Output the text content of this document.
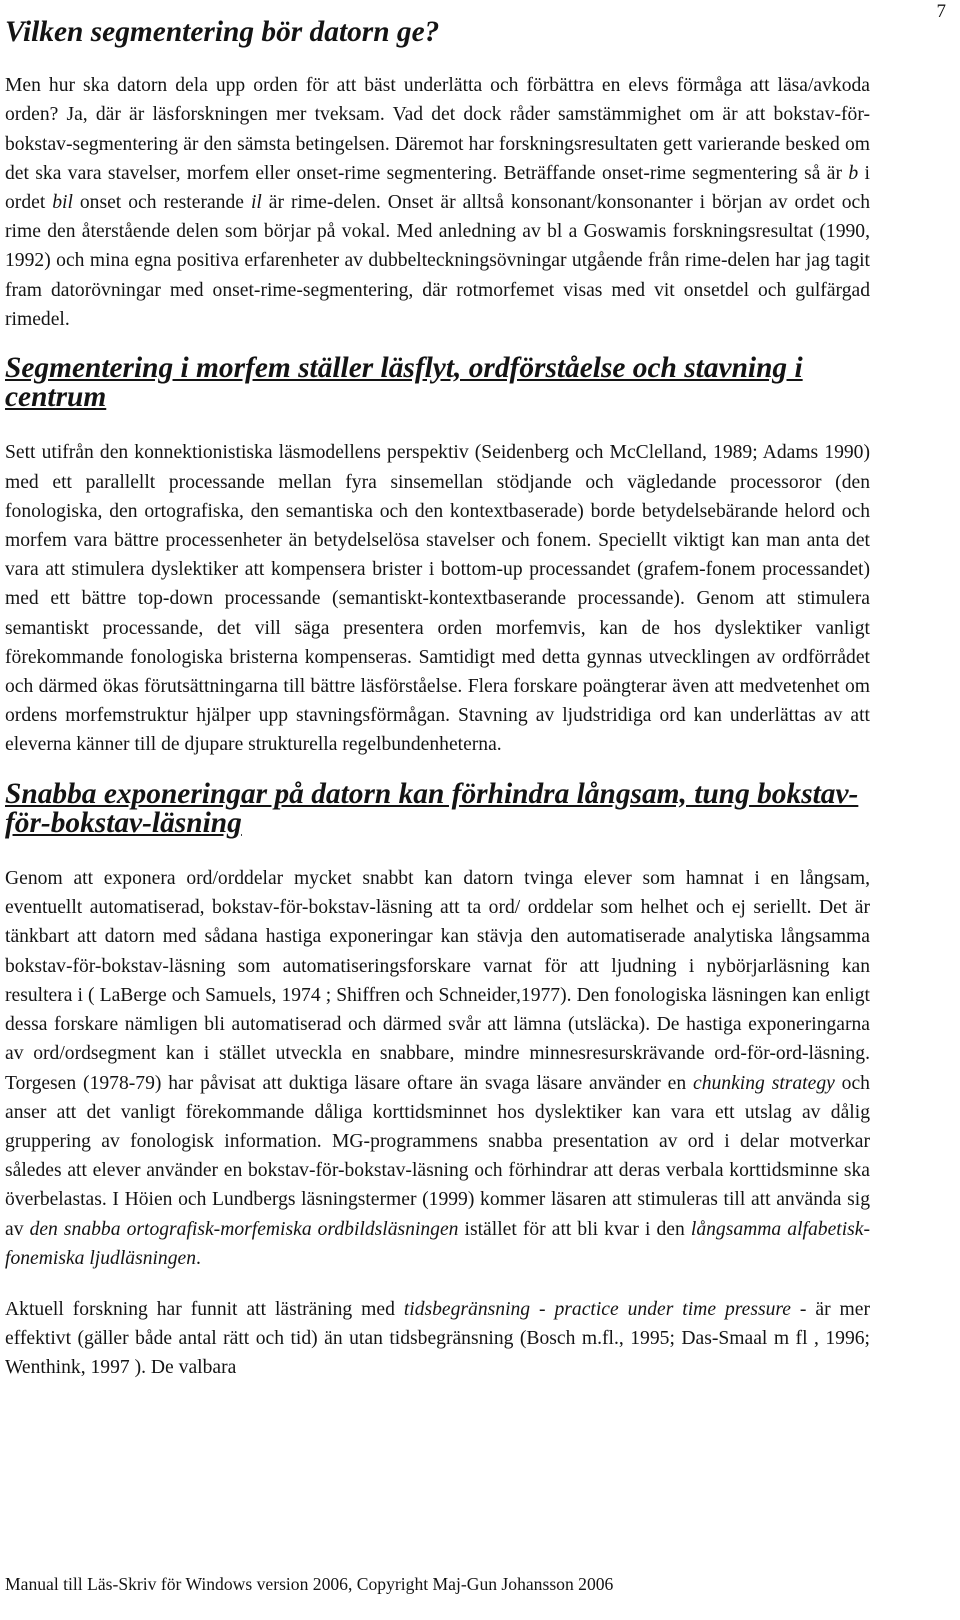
7
Vilken segmentering bör datorn ge?

Men hur ska datorn dela upp orden för att bäst underlätta och förbättra en elevs förmåga att läsa/avkoda orden? Ja, där är läsforskningen mer tveksam. Vad det dock råder samstämmighet om är att bokstav-för-bokstav-segmentering är den sämsta betingelsen. Däremot har forskningsresultaten gett varierande besked om det ska vara stavelser, morfem eller onset-rime segmentering. Beträffande onset-rime segmentering så är b i ordet bil onset och resterande il är rime-delen. Onset är alltså konsonant/konsonanter i början av ordet och rime den återstående delen som börjar på vokal. Med anledning av bl a Goswamis forskningsresultat (1990, 1992) och mina egna positiva erfarenheter av dubbelteckningsövningar utgående från rime-delen har jag tagit fram datorövningar med onset-rime-segmentering, där rotmorfemet visas med vit onsetdel och gulfärgad rimedel.

Segmentering i morfem ställer läsflyt, ordförståelse och stavning i centrum

Sett utifrån den konnektionistiska läsmodellens perspektiv (Seidenberg och McClelland, 1989; Adams 1990) med ett parallellt processande mellan fyra sinsemellan stödjande och vägledande processoror (den fonologiska, den ortografiska, den semantiska och den kontextbaserade) borde betydelsebärande helord och morfem vara bättre processenheter än betydelselösa stavelser och fonem. Speciellt viktigt kan man anta det vara att stimulera dyslektiker att kompensera brister i bottom-up processandet (grafem-fonem processandet) med ett bättre top-down processande (semantiskt-kontextbaserande processande). Genom att stimulera semantiskt processande, det vill säga presentera orden morfemvis, kan de hos dyslektiker vanligt förekommande fonologiska bristerna kompenseras. Samtidigt med detta gynnas utvecklingen av ordförrådet och därmed ökas förutsättningarna till bättre läsförståelse. Flera forskare poängterar även att medvetenhet om ordens morfemstruktur hjälper upp stavningsförmågan. Stavning av ljudstridiga ord kan underlättas av att eleverna känner till de djupare strukturella regelbundenheterna.

Snabba exponeringar på datorn kan förhindra långsam, tung bokstav-för-bokstav-läsning

Genom att exponera ord/orddelar mycket snabbt kan datorn tvinga elever som hamnat i en långsam, eventuellt automatiserad, bokstav-för-bokstav-läsning att ta ord/ orddelar som helhet och ej seriellt. Det är tänkbart att datorn med sådana hastiga exponeringar kan stävja den automatiserade analytiska långsamma bokstav-för-bokstav-läsning som automatiseringsforskare varnat för att ljudning i nybörjarläsning kan resultera i ( LaBerge och Samuels, 1974 ; Shiffren och Schneider,1977). Den fonologiska läsningen kan enligt dessa forskare nämligen bli automatiserad och därmed svår att lämna (utsläcka). De hastiga exponeringarna av ord/ordsegment kan i stället utveckla en snabbare, mindre minnesresurskrävande ord-för-ord-läsning. Torgesen (1978-79) har påvisat att duktiga läsare oftare än svaga läsare använder en chunking strategy och anser att det vanligt förekommande dåliga korttidsminnet hos dyslektiker kan vara ett utslag av dålig gruppering av fonologisk information. MG-programmens snabba presentation av ord i delar motverkar således att elever använder en bokstav-för-bokstav-läsning och förhindrar att deras verbala korttidsminne ska överbelastas. I Höien och Lundbergs läsningstermer (1999) kommer läsaren att stimuleras till att använda sig av den snabba ortografisk-morfemiska ordbildsläsningen istället för att bli kvar i den långsamma alfabetisk-fonemiska ljudläsningen.

Aktuell forskning har funnit att lästräning med tidsbegränsning - practice under time pressure - är mer effektivt (gäller både antal rätt och tid) än utan tidsbegränsning (Bosch m.fl., 1995; Das-Smaal m fl , 1996; Wenthink, 1997 ). De valbara

Manual till Läs-Skriv för Windows version 2006, Copyright Maj-Gun Johansson 2006
